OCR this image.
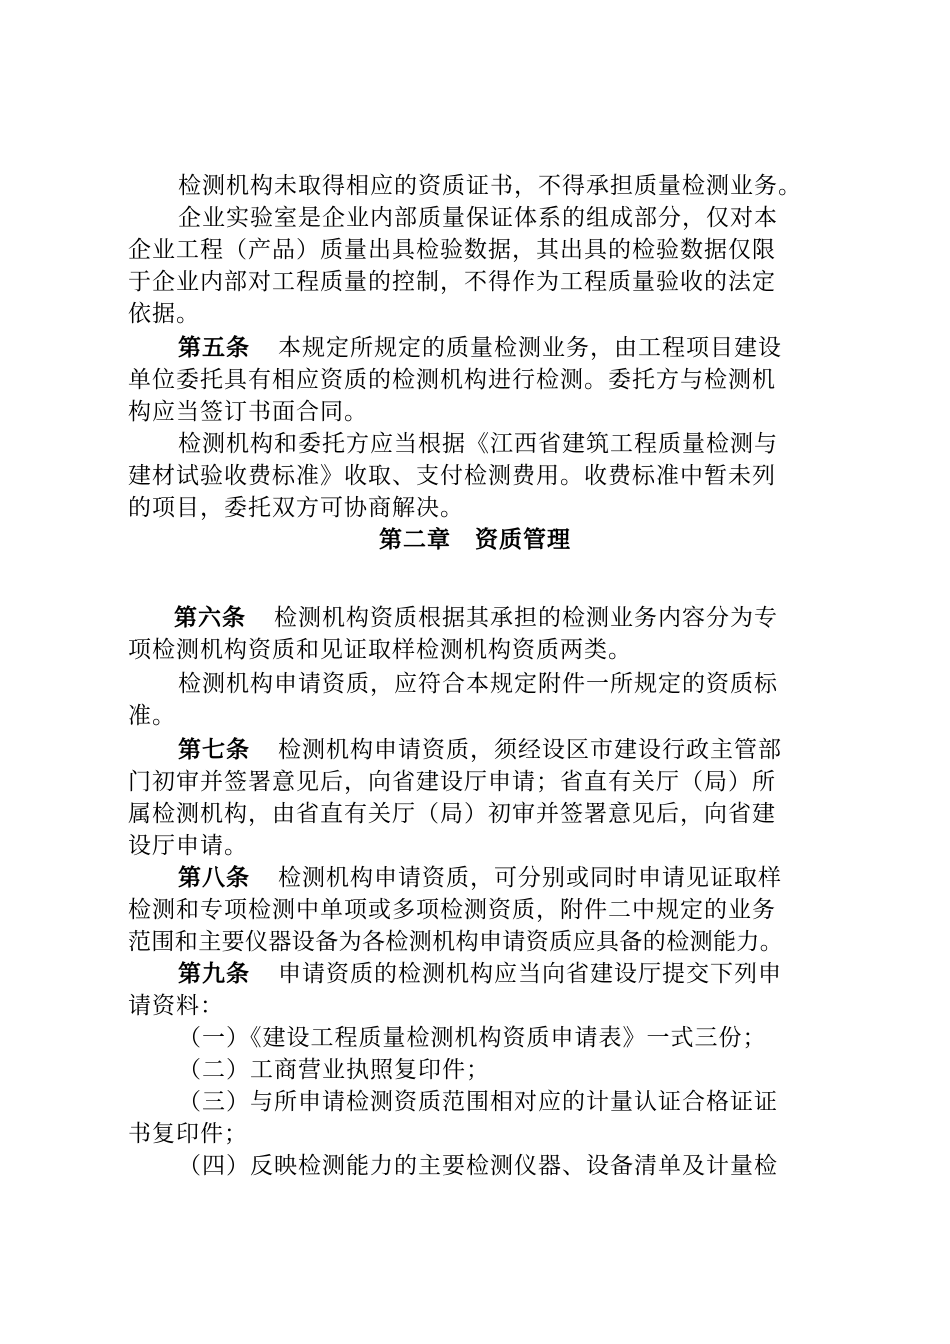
检测机构未取得相应的资质证书，不得承担质量检测业务。
企业实验室是企业内部质量保证体系的组成部分，仅对本
企业工程（产品）质量出具检验数据，其出具的检验数据仅限
于企业内部对工程质量的控制，不得作为工程质量验收的法定
依据。
第五条 本规定所规定的质量检测业务，由工程项目建设
单位委托具有相应资质的检测机构进行检测。委托方与检测机
构应当签订书面合同。
检测机构和委托方应当根据《江西省建筑工程质量检测与
建材试验收费标准》收取、支付检测费用。收费标准中暂未列
的项目，委托双方可协商解决。
第二章　资质管理
第六条 检测机构资质根据其承担的检测业务内容分为专
项检测机构资质和见证取样检测机构资质两类。
检测机构申请资质，应符合本规定附件一所规定的资质标
准。
第七条 检测机构申请资质，须经设区市建设行政主管部
门初审并签署意见后，向省建设厅申请；省直有关厅（局）所
属检测机构，由省直有关厅（局）初审并签署意见后，向省建
设厅申请。
第八条 检测机构申请资质，可分别或同时申请见证取样
检测和专项检测中单项或多项检测资质，附件二中规定的业务
范围和主要仪器设备为各检测机构申请资质应具备的检测能力。
第九条 申请资质的检测机构应当向省建设厅提交下列申
请资料：
（一）《建设工程质量检测机构资质申请表》一式三份；
（二）工商营业执照复印件；
（三）与所申请检测资质范围相对应的计量认证合格证证
书复印件；
（四）反映检测能力的主要检测仪器、设备清单及计量检
